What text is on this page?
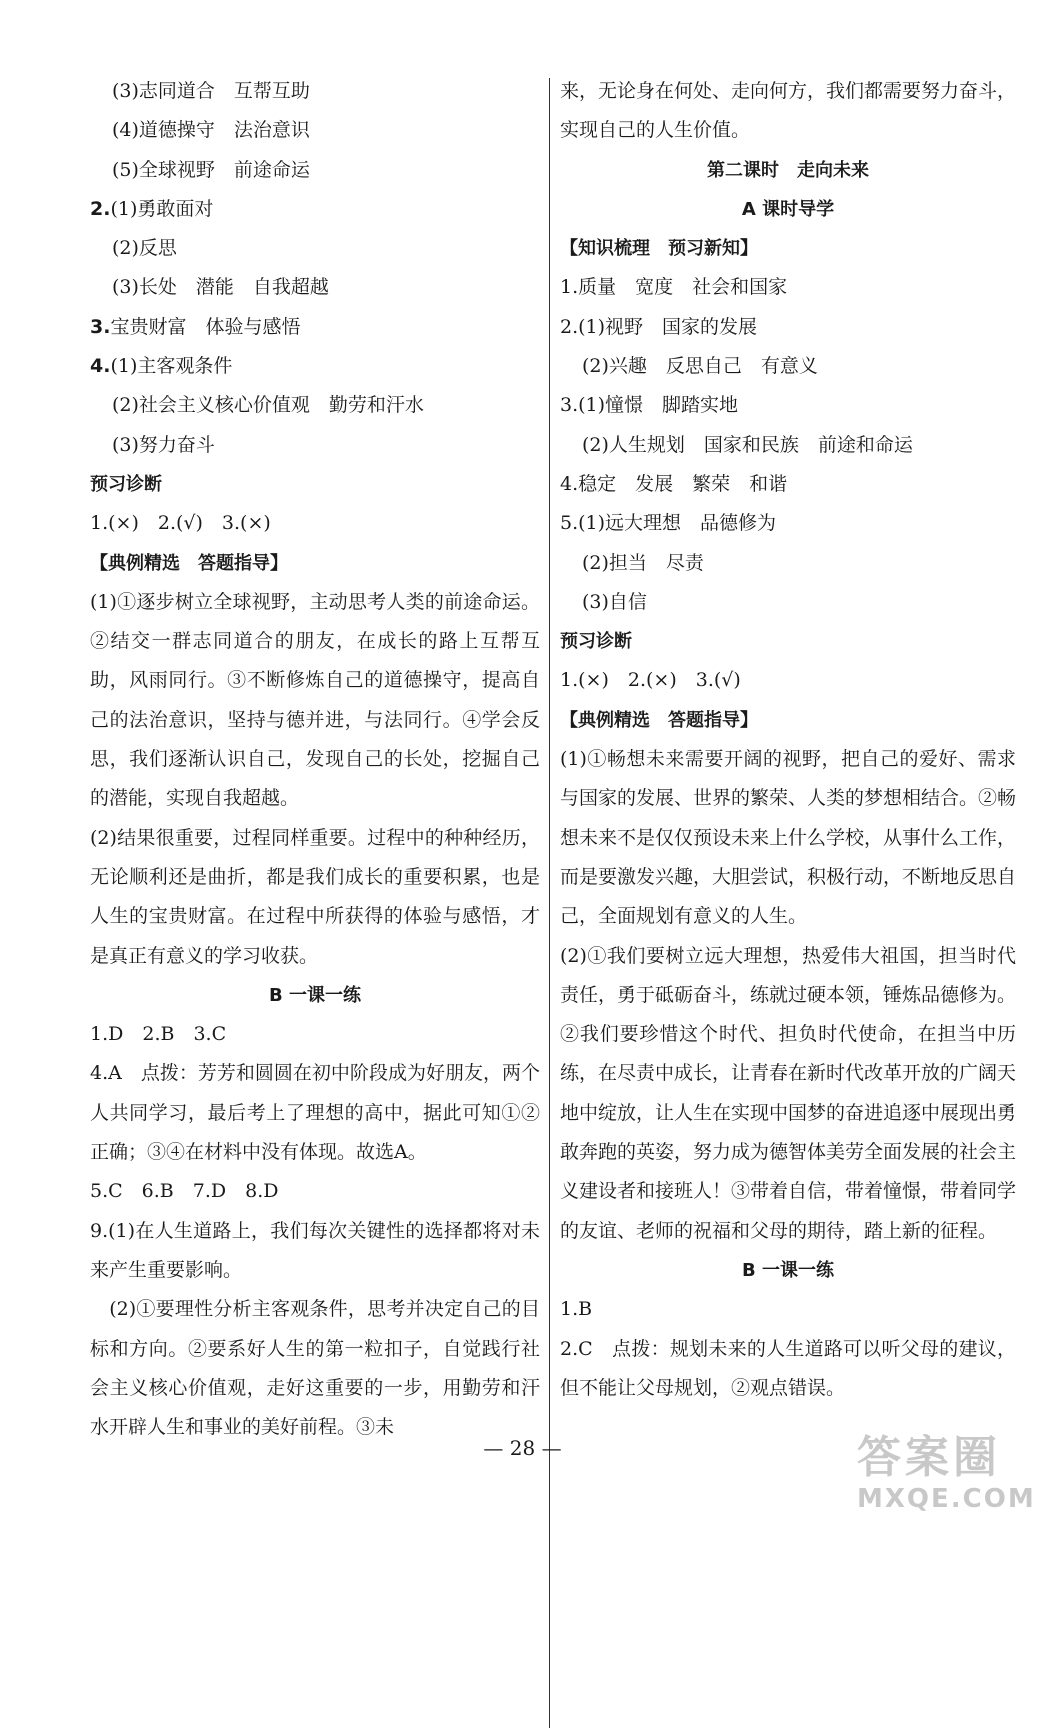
(3)志同道合　互帮互助
(4)道德操守　法治意识
(5)全球视野　前途命运
2.(1)勇敢面对
(2)反思
(3)长处　潜能　自我超越
3.宝贵财富　体验与感悟
4.(1)主客观条件
(2)社会主义核心价值观　勤劳和汗水
(3)努力奋斗
预习诊断
1.(×)　2.(√)　3.(×)
【典例精选　答题指导】
(1)①逐步树立全球视野，主动思考人类的前途命运。②结交一群志同道合的朋友，在成长的路上互帮互助，风雨同行。③不断修炼自己的道德操守，提高自己的法治意识，坚持与德并进，与法同行。④学会反思，我们逐渐认识自己，发现自己的长处，挖掘自己的潜能，实现自我超越。
(2)结果很重要，过程同样重要。过程中的种种经历，无论顺利还是曲折，都是我们成长的重要积累，也是人生的宝贵财富。在过程中所获得的体验与感悟，才是真正有意义的学习收获。
B 一课一练
1.D　2.B　3.C
4.A　点拨：芳芳和圆圆在初中阶段成为好朋友，两个人共同学习，最后考上了理想的高中，据此可知①②正确；③④在材料中没有体现。故选A。
5.C　6.B　7.D　8.D
9.(1)在人生道路上，我们每次关键性的选择都将对未来产生重要影响。
　(2)①要理性分析主客观条件，思考并决定自己的目标和方向。②要系好人生的第一粒扣子，自觉践行社会主义核心价值观，走好这重要的一步，用勤劳和汗水开辟人生和事业的美好前程。③未
来，无论身在何处、走向何方，我们都需要努力奋斗，实现自己的人生价值。
第二课时　走向未来
A 课时导学
【知识梳理　预习新知】
1.质量　宽度　社会和国家
2.(1)视野　国家的发展
(2)兴趣　反思自己　有意义
3.(1)憧憬　脚踏实地
(2)人生规划　国家和民族　前途和命运
4.稳定　发展　繁荣　和谐
5.(1)远大理想　品德修为
(2)担当　尽责
(3)自信
预习诊断
1.(×)　2.(×)　3.(√)
【典例精选　答题指导】
(1)①畅想未来需要开阔的视野，把自己的爱好、需求与国家的发展、世界的繁荣、人类的梦想相结合。②畅想未来不是仅仅预设未来上什么学校，从事什么工作，而是要激发兴趣，大胆尝试，积极行动，不断地反思自己，全面规划有意义的人生。
(2)①我们要树立远大理想，热爱伟大祖国，担当时代责任，勇于砥砺奋斗，练就过硬本领，锤炼品德修为。②我们要珍惜这个时代、担负时代使命，在担当中历练，在尽责中成长，让青春在新时代改革开放的广阔天地中绽放，让人生在实现中国梦的奋进追逐中展现出勇敢奔跑的英姿，努力成为德智体美劳全面发展的社会主义建设者和接班人！③带着自信，带着憧憬，带着同学的友谊、老师的祝福和父母的期待，踏上新的征程。
B 一课一练
1.B
2.C　点拨：规划未来的人生道路可以听父母的建议，但不能让父母规划，②观点错误。
— 28 —	答案圈
MXQE.COM
